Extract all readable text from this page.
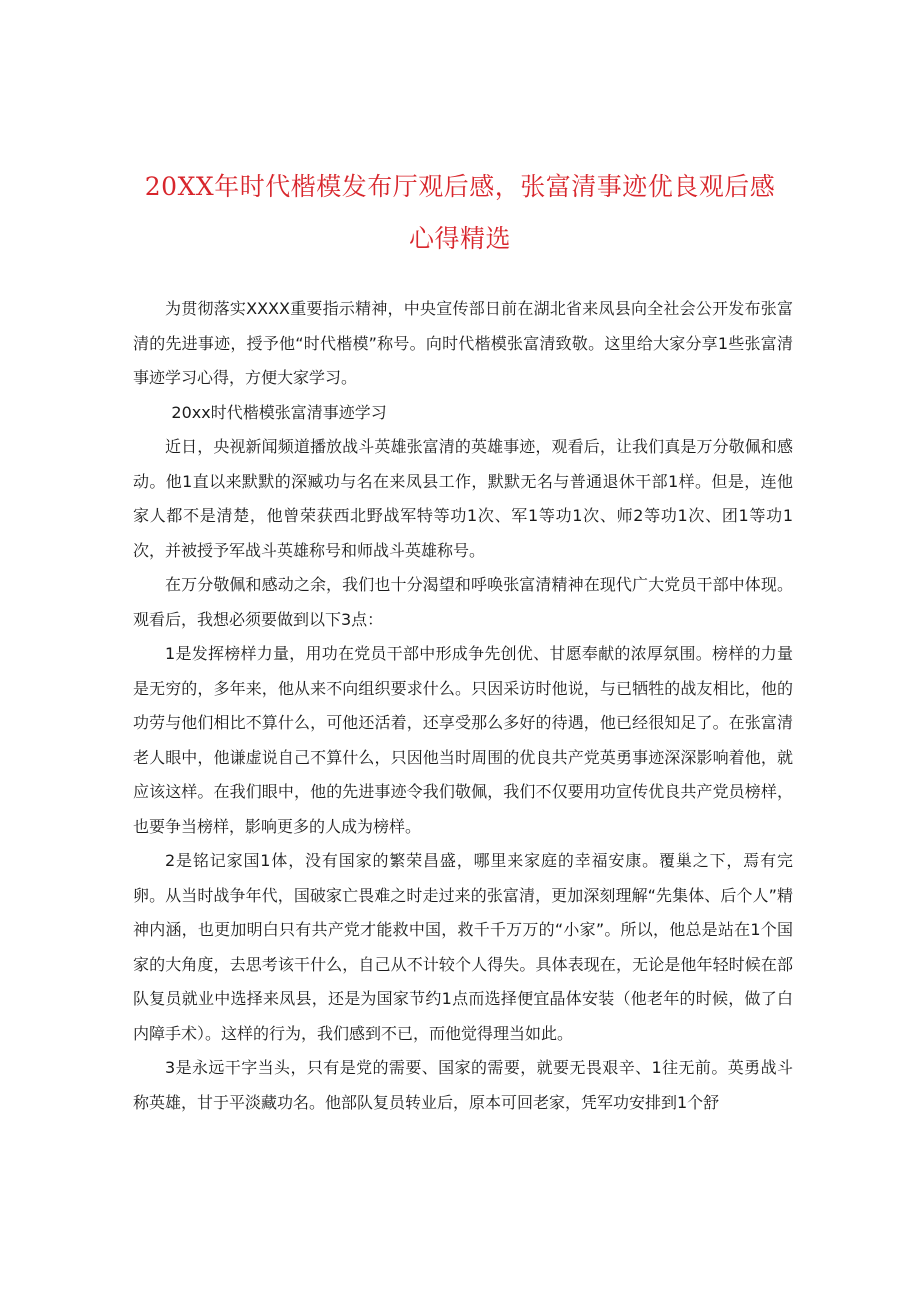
20XX年时代楷模发布厅观后感，张富清事迹优良观后感
心得精选

为贯彻落实XXXX重要指示精神，中央宣传部日前在湖北省来凤县向全社会公开发布张富清的先进事迹，授予他“时代楷模”称号。向时代楷模张富清致敬。这里给大家分享1些张富清事迹学习心得，方便大家学习。

20xx时代楷模张富清事迹学习

近日，央视新闻频道播放战斗英雄张富清的英雄事迹，观看后，让我们真是万分敬佩和感动。他1直以来默默的深臧功与名在来凤县工作，默默无名与普通退休干部1样。但是，连他家人都不是清楚，他曾荣获西北野战军特等功1次、军1等功1次、师2等功1次、团1等功1次，并被授予军战斗英雄称号和师战斗英雄称号。

在万分敬佩和感动之余，我们也十分渴望和呼唤张富清精神在现代广大党员干部中体现。观看后，我想必须要做到以下3点：

1是发挥榜样力量，用功在党员干部中形成争先创优、甘愿奉献的浓厚氛围。榜样的力量是无穷的，多年来，他从来不向组织要求什么。只因采访时他说，与已牺牲的战友相比，他的功劳与他们相比不算什么，可他还活着，还享受那么多好的待遇，他已经很知足了。在张富清老人眼中，他谦虚说自己不算什么，只因他当时周围的优良共产党英勇事迹深深影响着他，就应该这样。在我们眼中，他的先进事迹令我们敬佩，我们不仅要用功宣传优良共产党员榜样，也要争当榜样，影响更多的人成为榜样。

2是铭记家国1体，没有国家的繁荣昌盛，哪里来家庭的幸福安康。覆巢之下，焉有完卵。从当时战争年代，国破家亡畏难之时走过来的张富清，更加深刻理解“先集体、后个人”精神内涵，也更加明白只有共产党才能救中国，救千千万万的“小家”。所以，他总是站在1个国家的大角度，去思考该干什么，自己从不计较个人得失。具体表现在，无论是他年轻时候在部队复员就业中选择来凤县，还是为国家节约1点而选择便宜晶体安装（他老年的时候，做了白内障手术）。这样的行为，我们感到不已，而他觉得理当如此。

3是永远干字当头，只有是党的需要、国家的需要，就要无畏艰辛、1往无前。英勇战斗称英雄，甘于平淡藏功名。他部队复员转业后，原本可回老家，凭军功安排到1个舒
